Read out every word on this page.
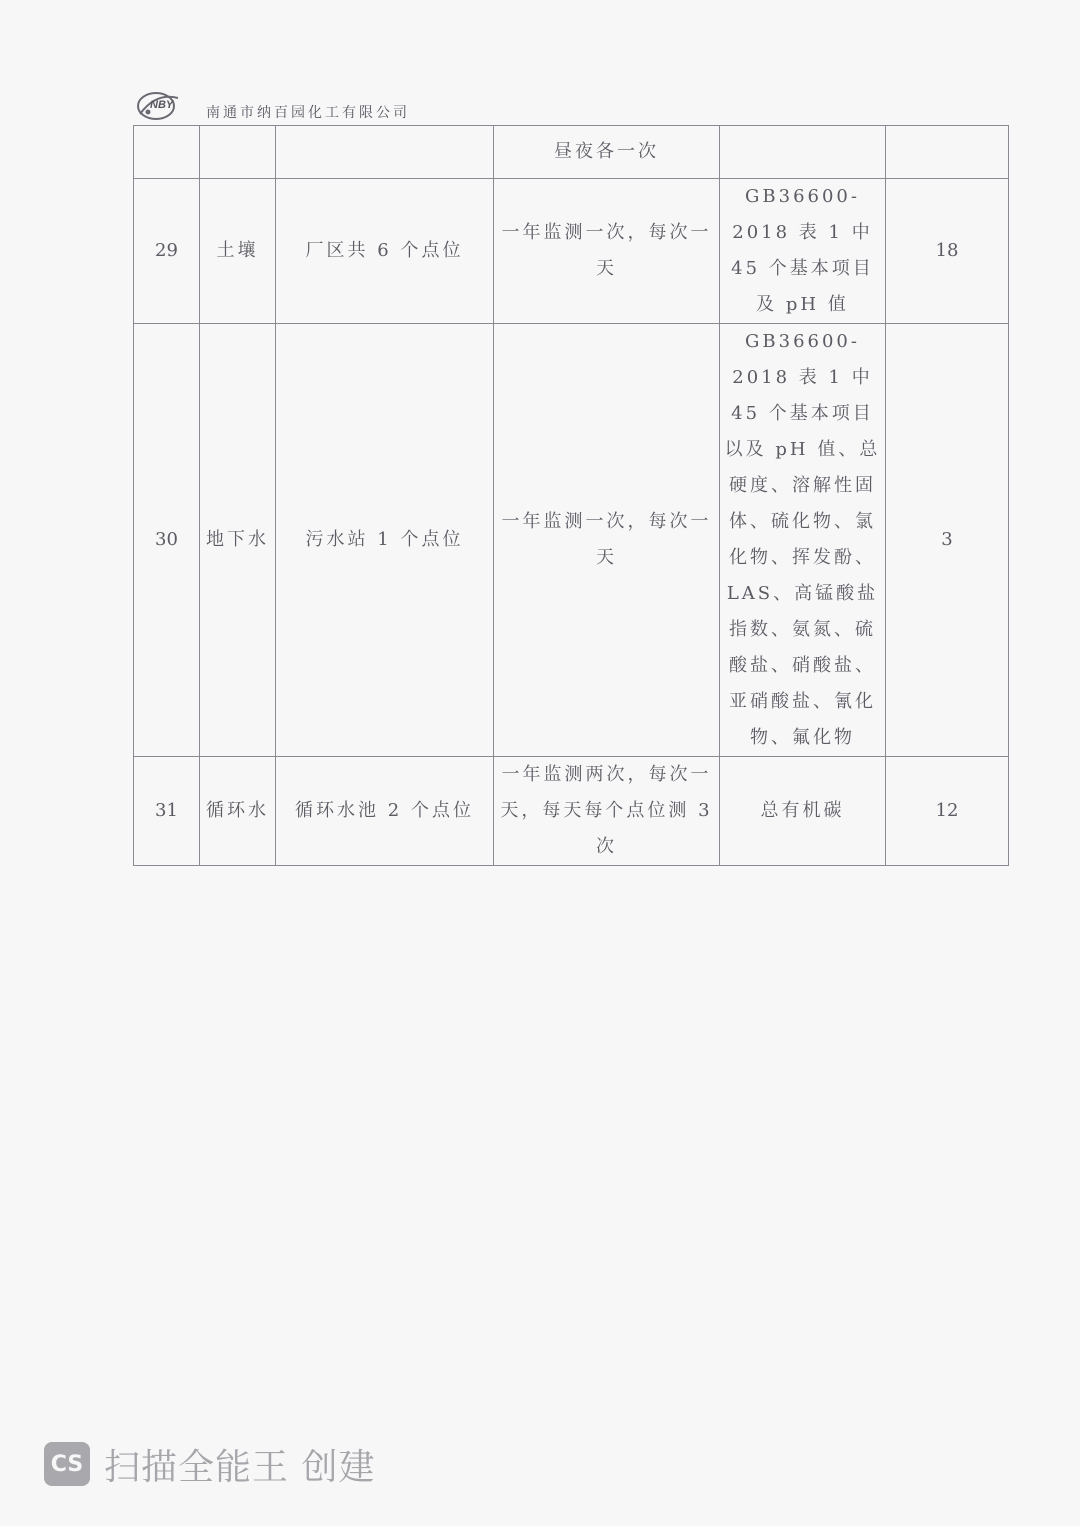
NBY 南通市纳百园化工有限公司
			昼夜各一次		
29	土壤	厂区共 6 个点位	一年监测一次，每次一天	GB36600-2018 表 1 中 45 个基本项目及 pH 值	18
30	地下水	污水站 1 个点位	一年监测一次，每次一天	GB36600-2018 表 1 中 45 个基本项目以及 pH 值、总硬度、溶解性固体、硫化物、氯化物、挥发酚、LAS、高锰酸盐指数、氨氮、硫酸盐、硝酸盐、亚硝酸盐、氰化物、氟化物	3
31	循环水	循环水池 2 个点位	一年监测两次，每次一天，每天每个点位测 3 次	总有机碳	12
CS 扫描全能王 创建
